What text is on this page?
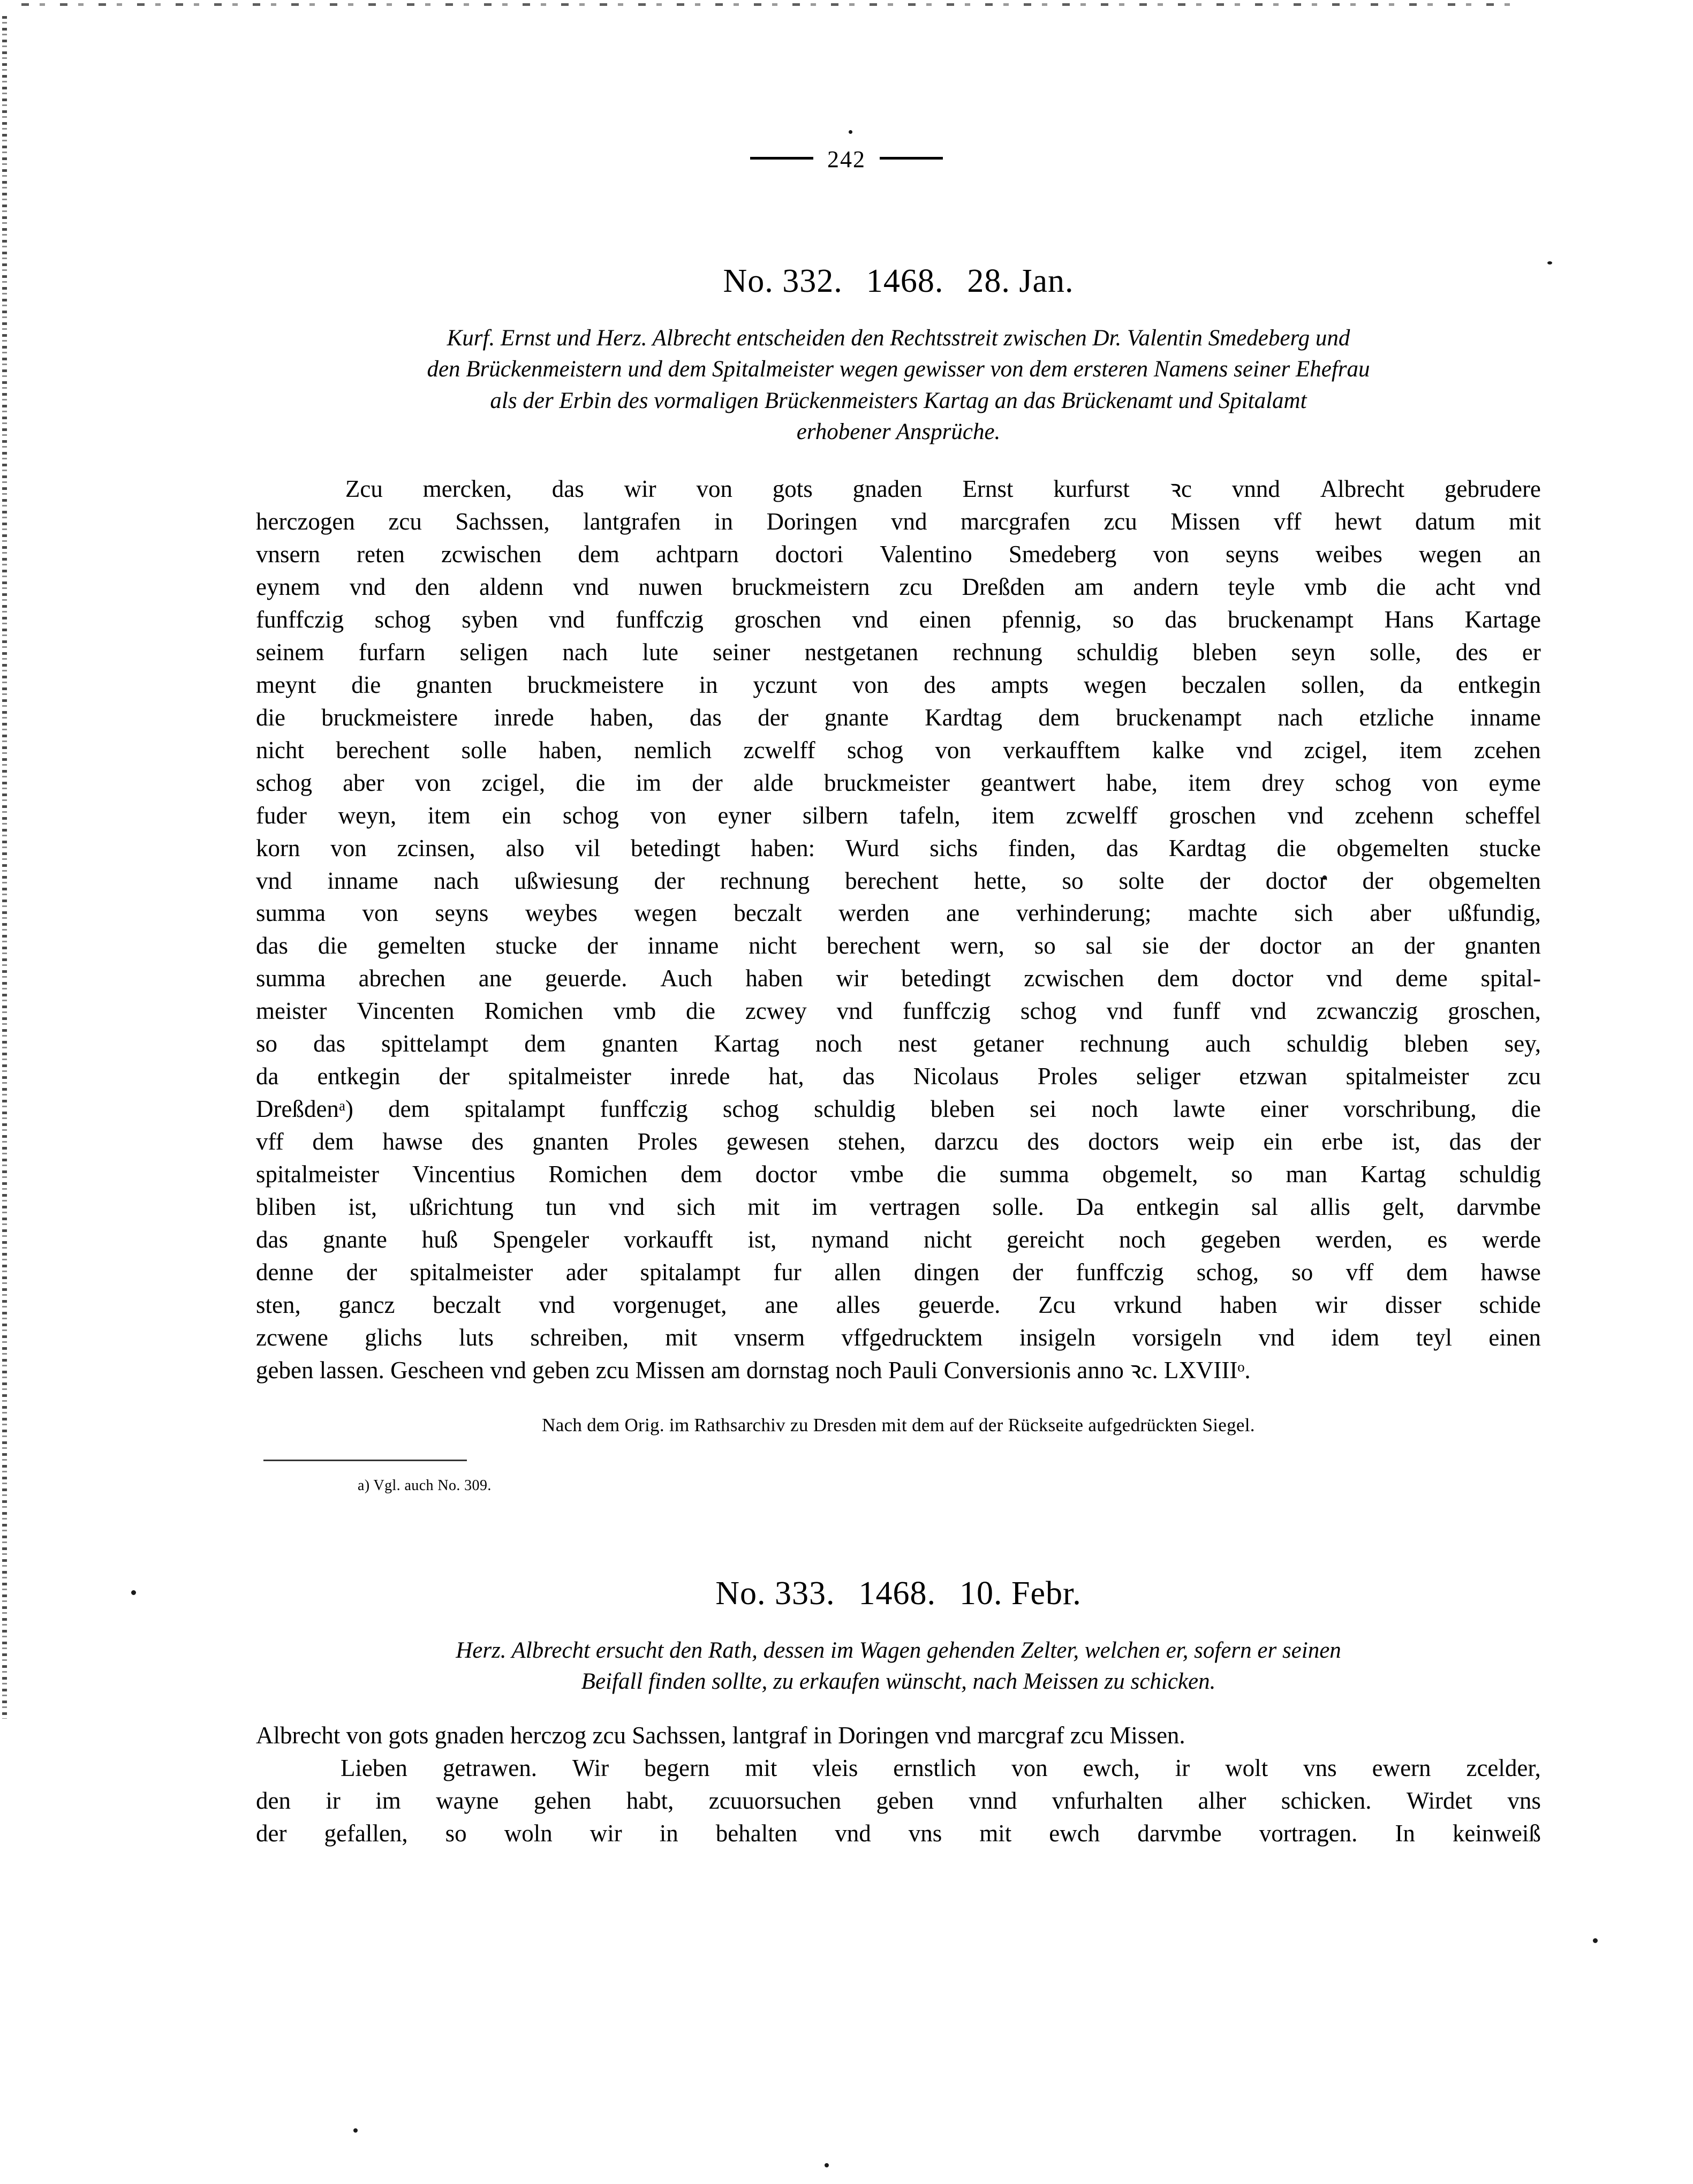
242
No. 332. 1468. 28. Jan.

Kurf. Ernst und Herz. Albrecht entscheiden den Rechtsstreit zwischen Dr. Valentin Smedeberg und
den Brückenmeistern und dem Spitalmeister wegen gewisser von dem ersteren Namens seiner Ehefrau
als der Erbin des vormaligen Brückenmeisters Kartag an das Brückenamt und Spitalamt
erhobener Ansprüche.

Zcu mercken, das wir von gots gnaden Ernst kurfurst ꝛc vnnd Albrecht gebrudere
herczogen zcu Sachssen, lantgrafen in Doringen vnd marcgrafen zcu Missen vff hewt datum mit
vnsern reten zcwischen dem achtparn doctori Valentino Smedeberg von seyns weibes wegen an
eynem vnd den aldenn vnd nuwen bruckmeistern zcu Dreßden am andern teyle vmb die acht vnd
funffczig schog syben vnd funffczig groschen vnd einen pfennig, so das bruckenampt Hans Kartage
seinem furfarn seligen nach lute seiner nestgetanen rechnung schuldig bleben seyn solle, des er
meynt die gnanten bruckmeistere in yczunt von des ampts wegen beczalen sollen, da entkegin
die bruckmeistere inrede haben, das der gnante Kardtag dem bruckenampt nach etzliche inname
nicht berechent solle haben, nemlich zcwelff schog von verkaufftem kalke vnd zcigel, item zcehen
schog aber von zcigel, die im der alde bruckmeister geantwert habe, item drey schog von eyme
fuder weyn, item ein schog von eyner silbern tafeln, item zcwelff groschen vnd zcehenn scheffel
korn von zcinsen, also vil betedingt haben: Wurd sichs finden, das Kardtag die obgemelten stucke
vnd inname nach ußwiesung der rechnung berechent hette, so solte der doctor der obgemelten
summa von seyns weybes wegen beczalt werden ane verhinderung; machte sich aber ußfundig,
das die gemelten stucke der inname nicht berechent wern, so sal sie der doctor an der gnanten
summa abrechen ane geuerde. Auch haben wir betedingt zcwischen dem doctor vnd deme spital-
meister Vincenten Romichen vmb die zcwey vnd funffczig schog vnd funff vnd zcwanczig groschen,
so das spittelampt dem gnanten Kartag noch nest getaner rechnung auch schuldig bleben sey,
da entkegin der spitalmeister inrede hat, das Nicolaus Proles seliger etzwan spitalmeister zcu
Dreßden$^a$) dem spitalampt funffczig schog schuldig bleben sei noch lawte einer vorschribung, die
vff dem hawse des gnanten Proles gewesen stehen, darzcu des doctors weip ein erbe ist, das der
spitalmeister Vincentius Romichen dem doctor vmbe die summa obgemelt, so man Kartag schuldig
bliben ist, ußrichtung tun vnd sich mit im vertragen solle. Da entkegin sal allis gelt, darvmbe
das gnante huß Spengeler vorkaufft ist, nymand nicht gereicht noch gegeben werden, es werde
denne der spitalmeister ader spitalampt fur allen dingen der funffczig schog, so vff dem hawse
sten, gancz beczalt vnd vorgenuget, ane alles geuerde. Zcu vrkund haben wir disser schide
zcwene glichs luts schreiben, mit vnserm vffgedrucktem insigeln vorsigeln vnd idem teyl einen
geben lassen. Gescheen vnd geben zcu Missen am dornstag noch Pauli Conversionis anno ꝛc. LXVIIIᵒ.

Nach dem Orig. im Rathsarchiv zu Dresden mit dem auf der Rückseite aufgedrückten Siegel.

a) Vgl. auch No. 309.

No. 333. 1468. 10. Febr.

Herz. Albrecht ersucht den Rath, dessen im Wagen gehenden Zelter, welchen er, sofern er seinen
Beifall finden sollte, zu erkaufen wünscht, nach Meissen zu schicken.

Albrecht von gots gnaden herczog zcu Sachssen, lantgraf in Doringen vnd marcgraf zcu Missen.
Lieben getrawen. Wir begern mit vleis ernstlich von ewch, ir wolt vns ewern zcelder,
den ir im wayne gehen habt, zcuuorsuchen geben vnnd vnfurhalten alher schicken. Wirdet vns
der gefallen, so woln wir in behalten vnd vns mit ewch darvmbe vortragen. In keinweiß
